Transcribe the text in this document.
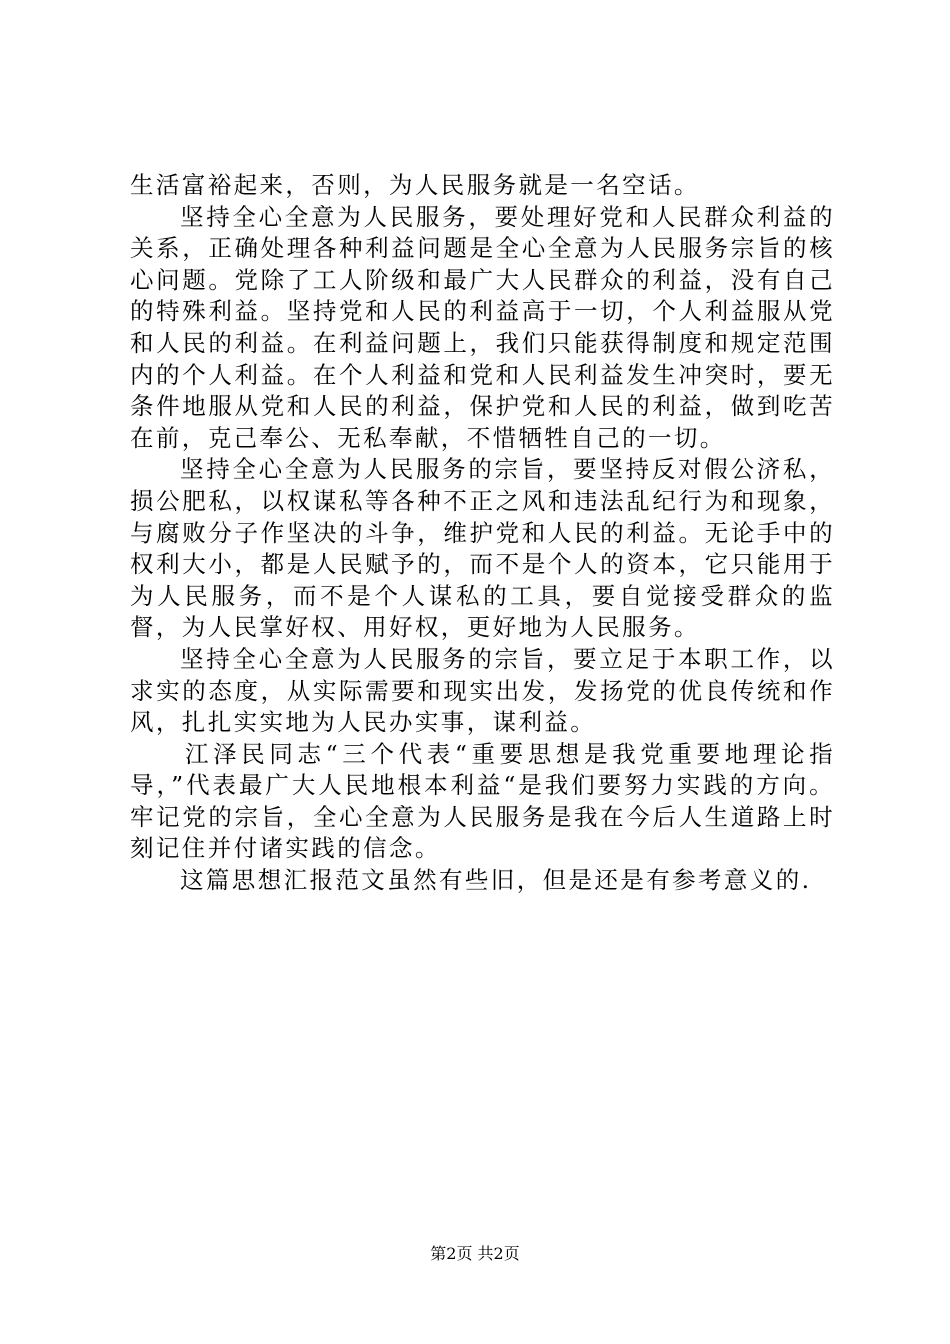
生活富裕起来，否则，为人民服务就是一名空话。

坚持全心全意为人民服务，要处理好党和人民群众利益的关系，正确处理各种利益问题是全心全意为人民服务宗旨的核心问题。党除了工人阶级和最广大人民群众的利益，没有自己的特殊利益。坚持党和人民的利益高于一切，个人利益服从党和人民的利益。在利益问题上，我们只能获得制度和规定范围内的个人利益。在个人利益和党和人民利益发生冲突时，要无条件地服从党和人民的利益，保护党和人民的利益，做到吃苦在前，克己奉公、无私奉献，不惜牺牲自己的一切。

坚持全心全意为人民服务的宗旨，要坚持反对假公济私，损公肥私，以权谋私等各种不正之风和违法乱纪行为和现象，与腐败分子作坚决的斗争，维护党和人民的利益。无论手中的权利大小，都是人民赋予的，而不是个人的资本，它只能用于为人民服务，而不是个人谋私的工具，要自觉接受群众的监督，为人民掌好权、用好权，更好地为人民服务。

坚持全心全意为人民服务的宗旨，要立足于本职工作，以求实的态度，从实际需要和现实出发，发扬党的优良传统和作风，扎扎实实地为人民办实事，谋利益。

江泽民同志“三个代表“重要思想是我党重要地理论指导，”代表最广大人民地根本利益“是我们要努力实践的方向。牢记党的宗旨，全心全意为人民服务是我在今后人生道路上时刻记住并付诸实践的信念。

这篇思想汇报范文虽然有些旧，但是还是有参考意义的.

第2页 共2页
